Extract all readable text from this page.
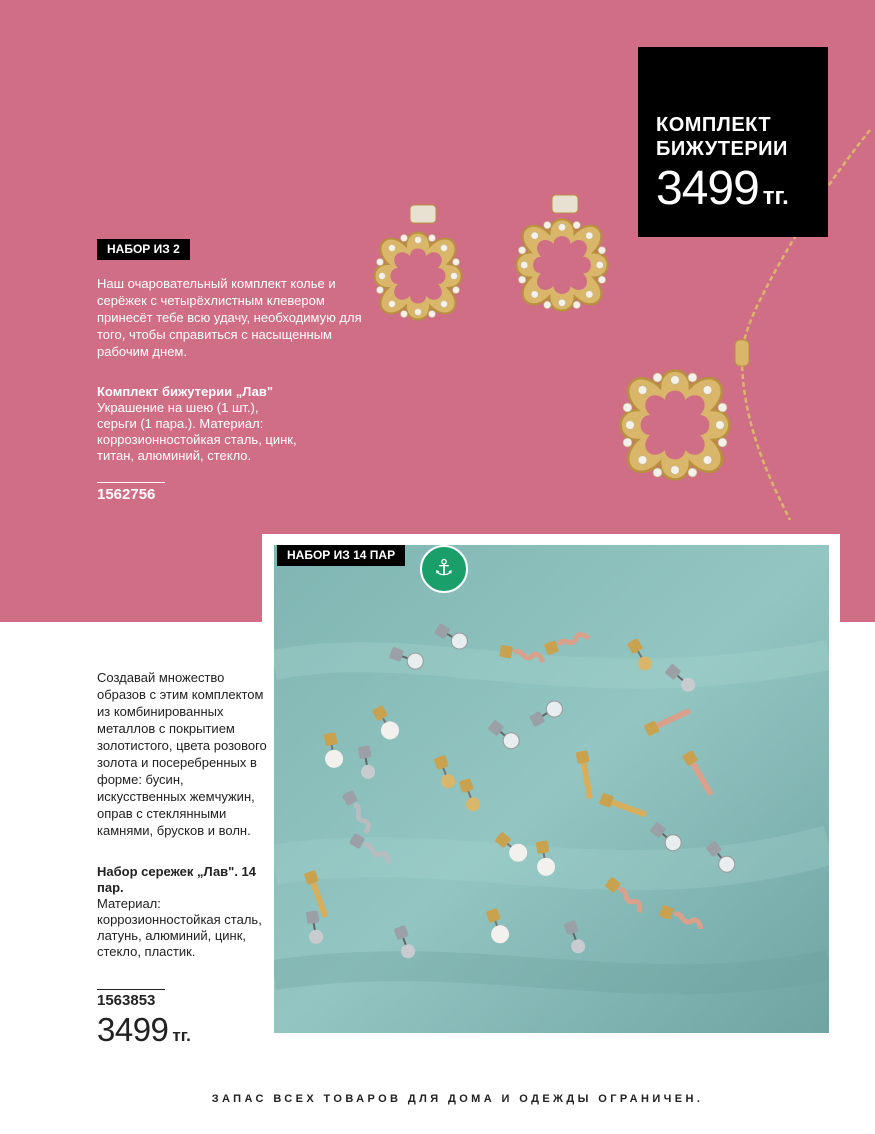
КОМПЛЕКТ
БИЖУТЕРИИ
3499 тг.
НАБОР ИЗ 2
Наш очаровательный комплект колье и серёжек с четырёхлистным клевером принесёт тебе всю удачу, необходимую для того, чтобы справиться с насыщенным рабочим днем.
Комплект бижутерии „Лав"
Украшение на шею (1 шт.), серьги (1 пара.). Материал: коррозионностойкая сталь, цинк, титан, алюминий, стекло.
1562756
НАБОР ИЗ 14 ПАР
⚓
Создавай множество образов с этим комплектом из комбинированных металлов с покрытием золотистого, цвета розового золота и посеребренных в форме: бусин, искусственных жемчужин, оправ с стеклянными камнями, брусков и волн.
Набор сережек „Лав". 14 пар.
Материал: коррозионностойкая сталь, латунь, алюминий, цинк, стекло, пластик.
1563853
3499 тг.
ЗАПАС ВСЕХ ТОВАРОВ ДЛЯ ДОМА И ОДЕЖДЫ ОГРАНИЧЕН.
